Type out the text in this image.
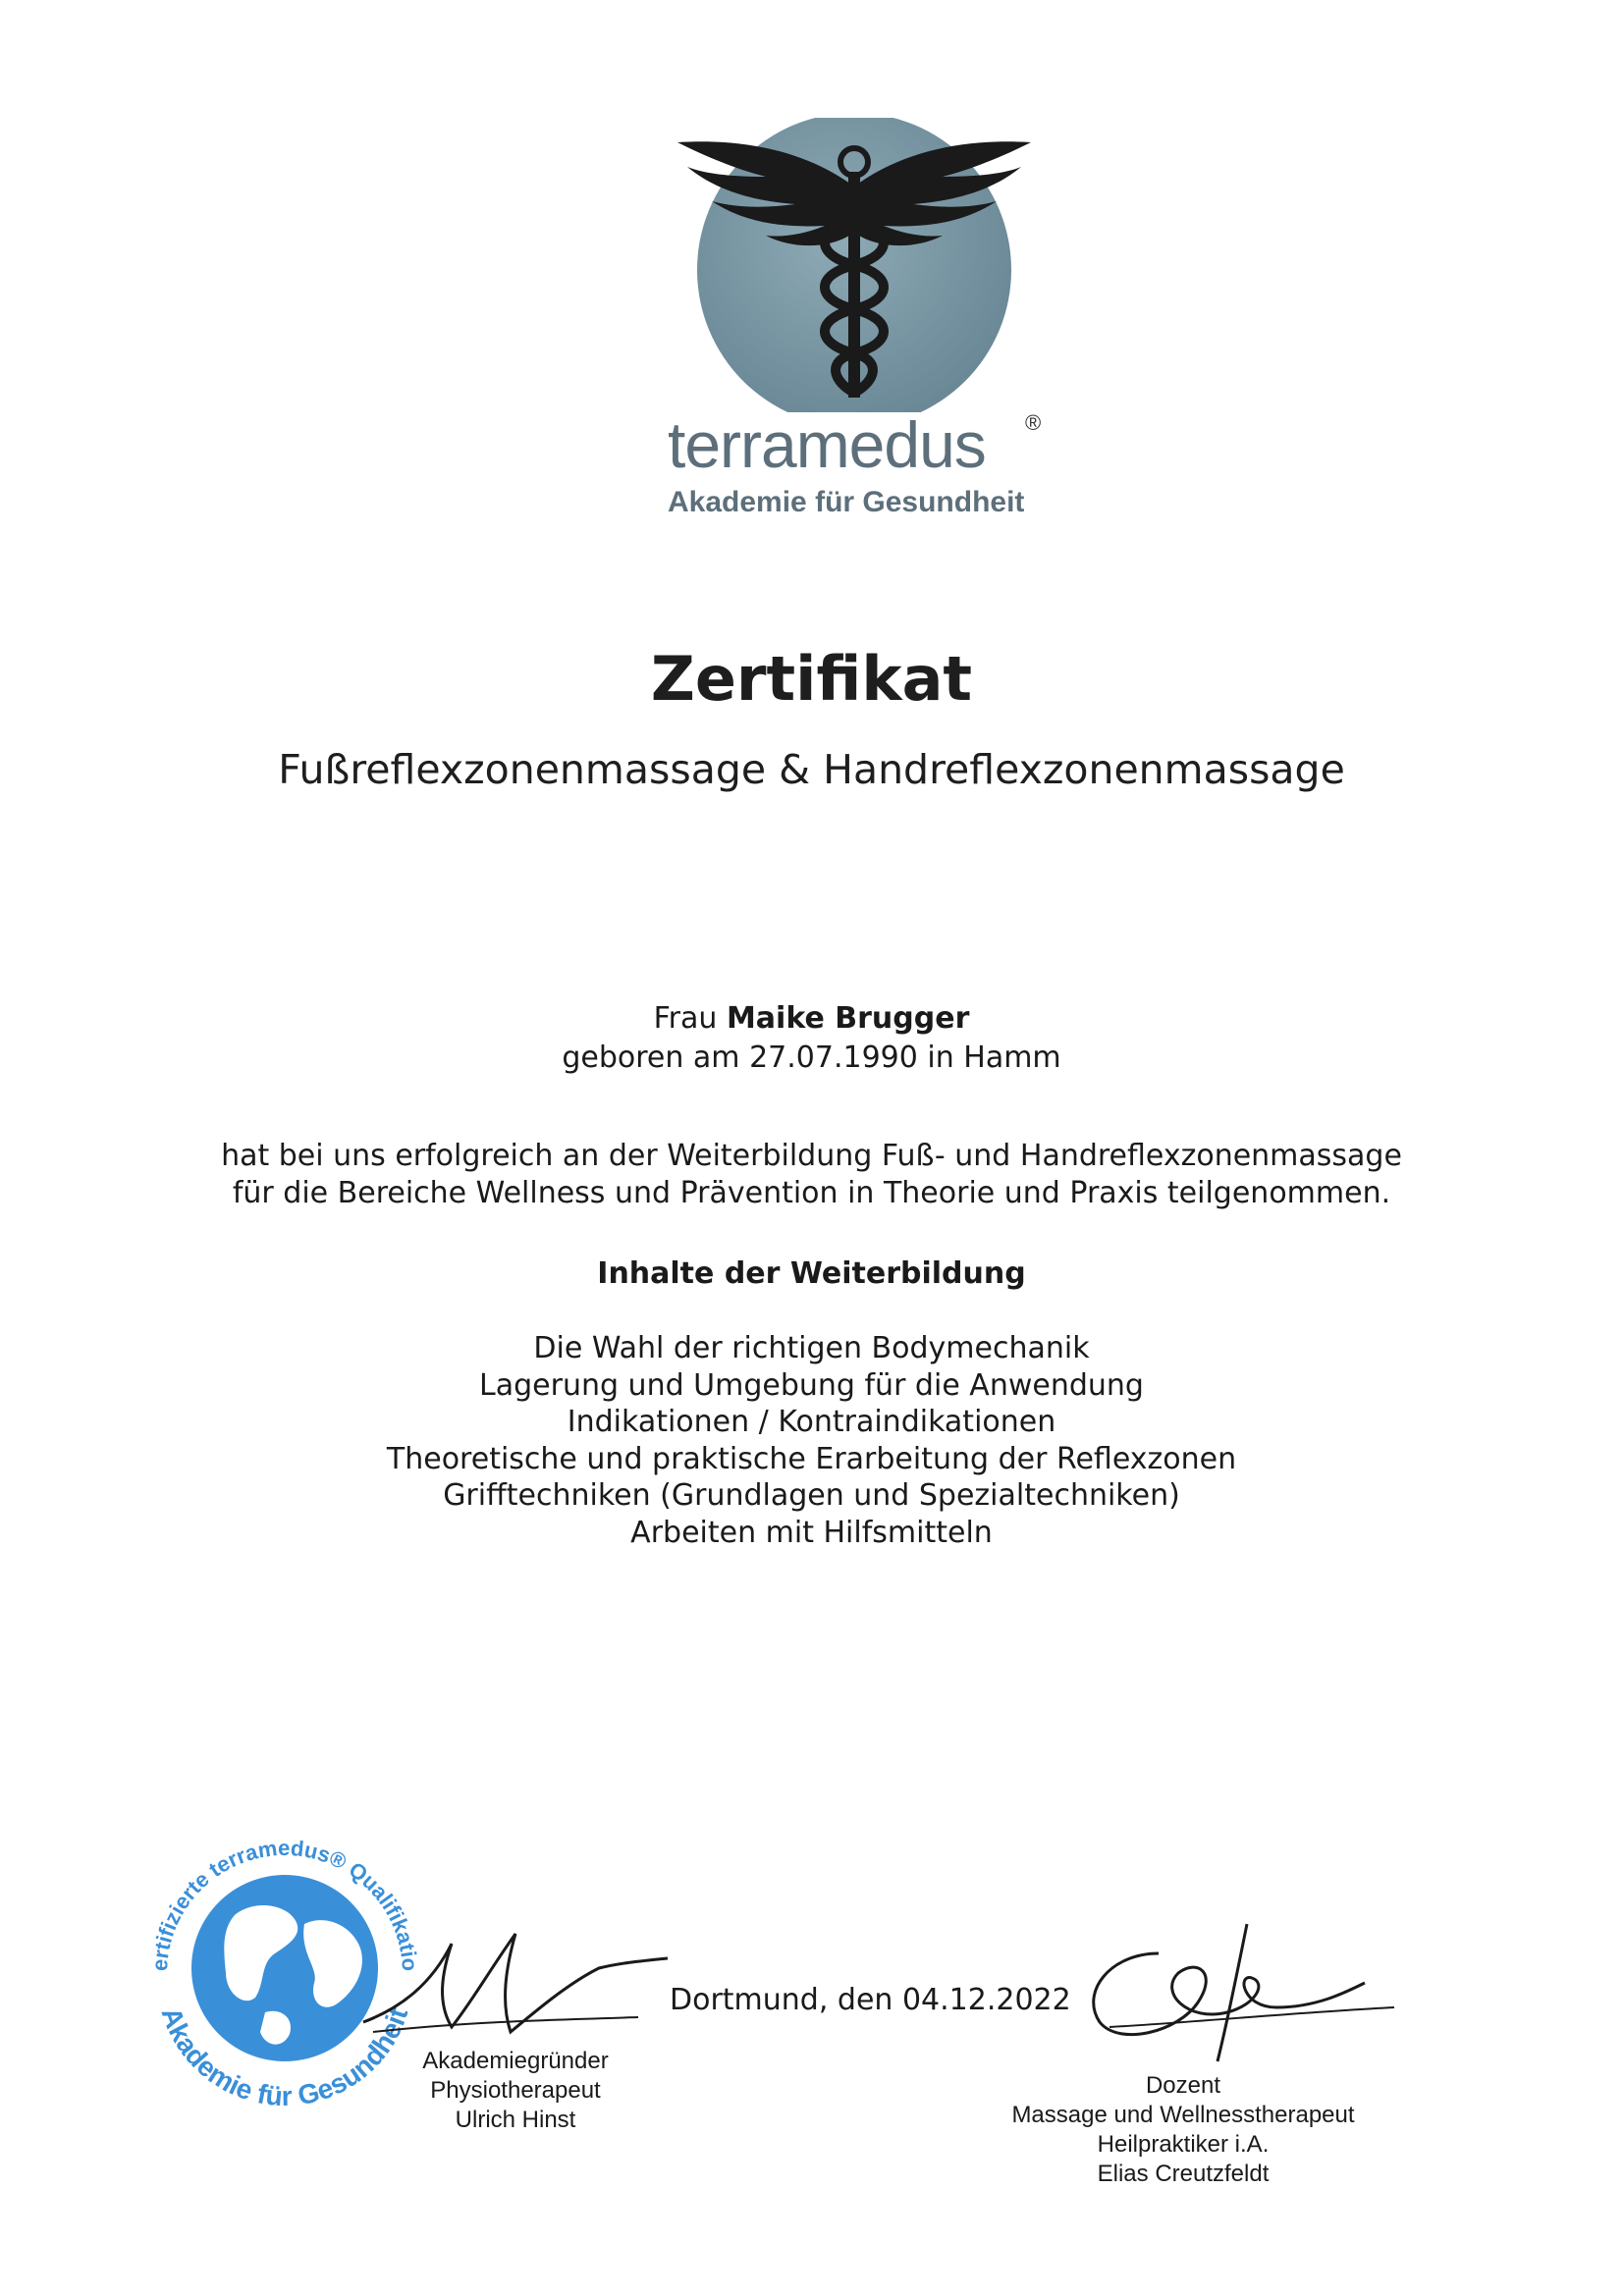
terramedus	®
Akademie für Gesundheit
Zertifikat
Fußreflexzonenmassage & Handreflexzonenmassage
Frau Maike Brugger
geboren am 27.07.1990 in Hamm
hat bei uns erfolgreich an der Weiterbildung Fuß- und Handreflexzonenmassage
für die Bereiche Wellness und Prävention in Theorie und Praxis teilgenommen.
Inhalte der Weiterbildung
Die Wahl der richtigen Bodymechanik
Lagerung und Umgebung für die Anwendung
Indikationen / Kontraindikationen
Theoretische und praktische Erarbeitung der Reflexzonen
Grifftechniken (Grundlagen und Spezialtechniken)
Arbeiten mit Hilfsmitteln
ertifizierte terramedus® Qualifikatio
Akademie für Gesundheit
Akademiegründer
Physiotherapeut
Ulrich Hinst
Dortmund, den 04.12.2022
Dozent
Massage und Wellnesstherapeut
Heilpraktiker i.A.
Elias Creutzfeldt
